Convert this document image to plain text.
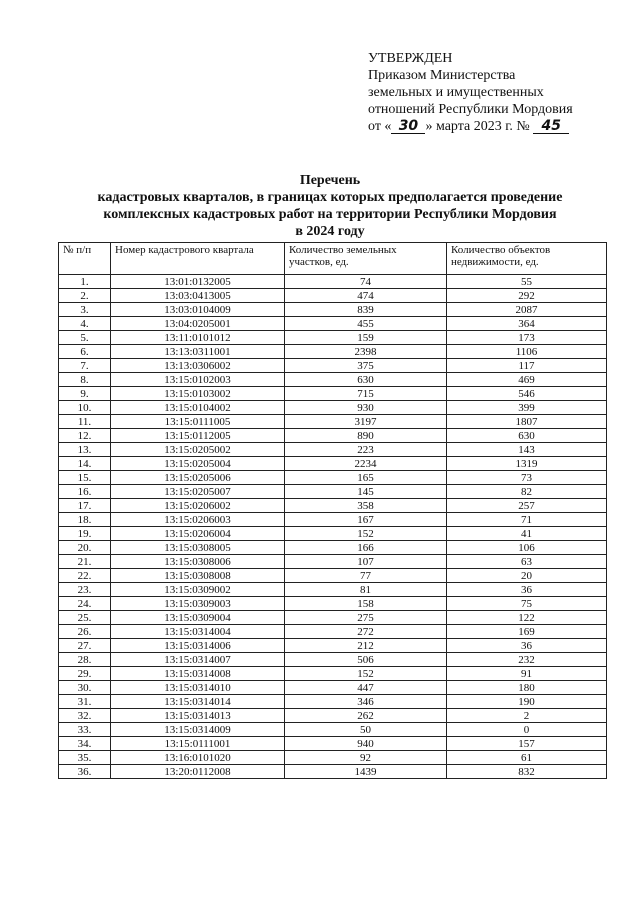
УТВЕРЖДЕН
Приказом Министерства
земельных и имущественных
отношений Республики Мордовия
от « 30 » марта 2023 г. № 45
Перечень
кадастровых кварталов, в границах которых предполагается проведение
комплексных кадастровых работ на территории Республики Мордовия
в 2024 году
№ п/п	Номер кадастрового квартала	Количество земельных участков, ед.	Количество объектов недвижимости, ед.
1.	13:01:0132005	74	55
2.	13:03:0413005	474	292
3.	13:03:0104009	839	2087
4.	13:04:0205001	455	364
5.	13:11:0101012	159	173
6.	13:13:0311001	2398	1106
7.	13:13:0306002	375	117
8.	13:15:0102003	630	469
9.	13:15:0103002	715	546
10.	13:15:0104002	930	399
11.	13:15:0111005	3197	1807
12.	13:15:0112005	890	630
13.	13:15:0205002	223	143
14.	13:15:0205004	2234	1319
15.	13:15:0205006	165	73
16.	13:15:0205007	145	82
17.	13:15:0206002	358	257
18.	13:15:0206003	167	71
19.	13:15:0206004	152	41
20.	13:15:0308005	166	106
21.	13:15:0308006	107	63
22.	13:15:0308008	77	20
23.	13:15:0309002	81	36
24.	13:15:0309003	158	75
25.	13:15:0309004	275	122
26.	13:15:0314004	272	169
27.	13:15:0314006	212	36
28.	13:15:0314007	506	232
29.	13:15:0314008	152	91
30.	13:15:0314010	447	180
31.	13:15:0314014	346	190
32.	13:15:0314013	262	2
33.	13:15:0314009	50	0
34.	13:15:0111001	940	157
35.	13:16:0101020	92	61
36.	13:20:0112008	1439	832
